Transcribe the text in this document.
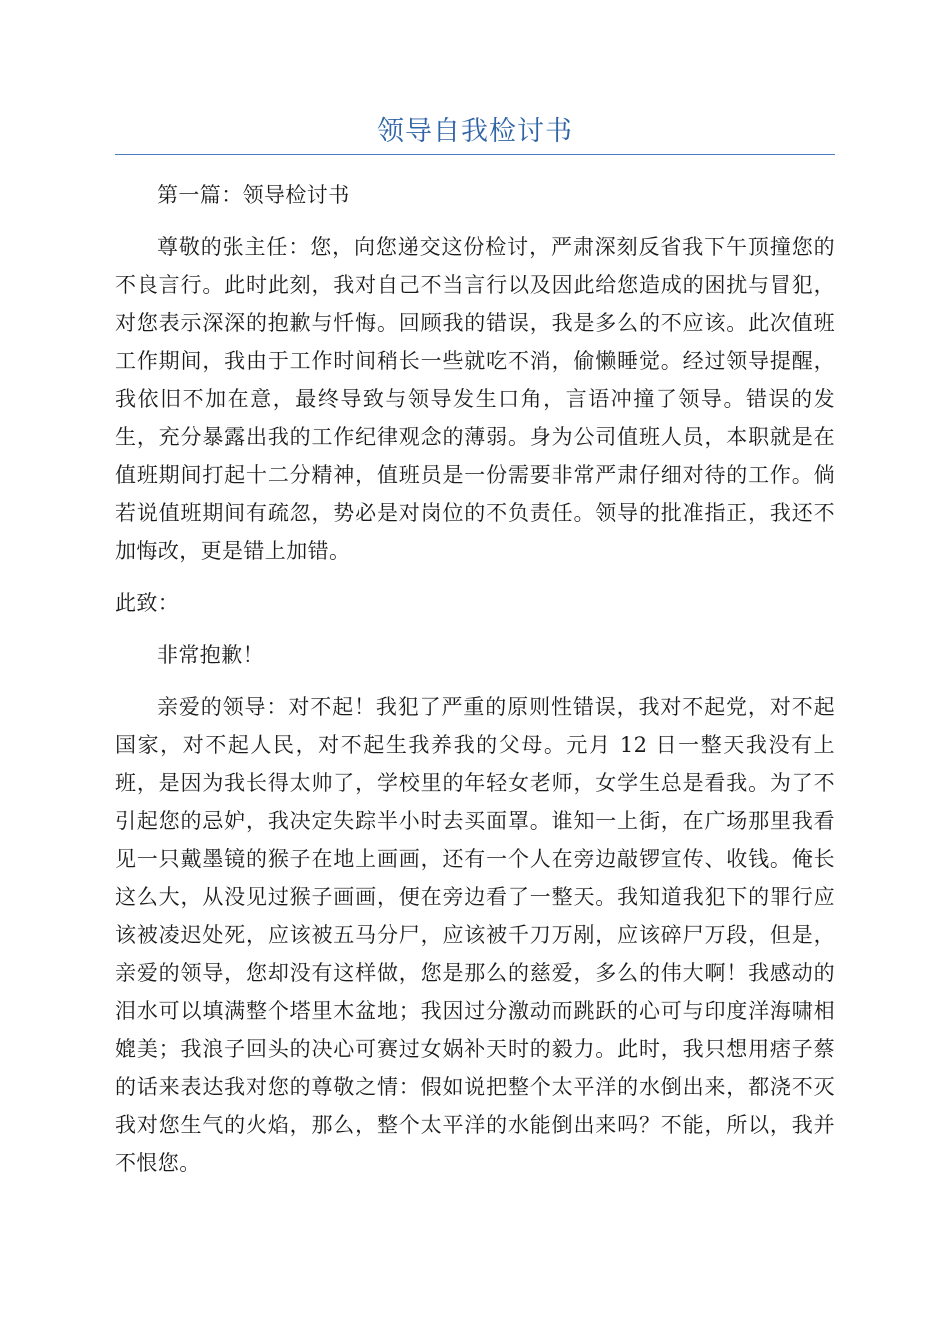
领导自我检讨书

第一篇：领导检讨书

尊敬的张主任：您，向您递交这份检讨，严肃深刻反省我下午顶撞您的不良言行。此时此刻，我对自己不当言行以及因此给您造成的困扰与冒犯，对您表示深深的抱歉与忏悔。回顾我的错误，我是多么的不应该。此次值班工作期间，我由于工作时间稍长一些就吃不消，偷懒睡觉。经过领导提醒，我依旧不加在意，最终导致与领导发生口角，言语冲撞了领导。错误的发生，充分暴露出我的工作纪律观念的薄弱。身为公司值班人员，本职就是在值班期间打起十二分精神，值班员是一份需要非常严肃仔细对待的工作。倘若说值班期间有疏忽，势必是对岗位的不负责任。领导的批准指正，我还不加悔改，更是错上加错。

此致：

非常抱歉！

亲爱的领导：对不起！我犯了严重的原则性错误，我对不起党，对不起国家，对不起人民，对不起生我养我的父母。元月 12 日一整天我没有上班，是因为我长得太帅了，学校里的年轻女老师，女学生总是看我。为了不引起您的忌妒，我决定失踪半小时去买面罩。谁知一上街，在广场那里我看见一只戴墨镜的猴子在地上画画，还有一个人在旁边敲锣宣传、收钱。俺长这么大，从没见过猴子画画，便在旁边看了一整天。我知道我犯下的罪行应该被凌迟处死，应该被五马分尸，应该被千刀万剐，应该碎尸万段，但是，亲爱的领导，您却没有这样做，您是那么的慈爱，多么的伟大啊！我感动的泪水可以填满整个塔里木盆地；我因过分激动而跳跃的心可与印度洋海啸相媲美；我浪子回头的决心可赛过女娲补天时的毅力。此时，我只想用痞子蔡的话来表达我对您的尊敬之情：假如说把整个太平洋的水倒出来，都浇不灭我对您生气的火焰，那么，整个太平洋的水能倒出来吗？不能，所以，我并不恨您。
